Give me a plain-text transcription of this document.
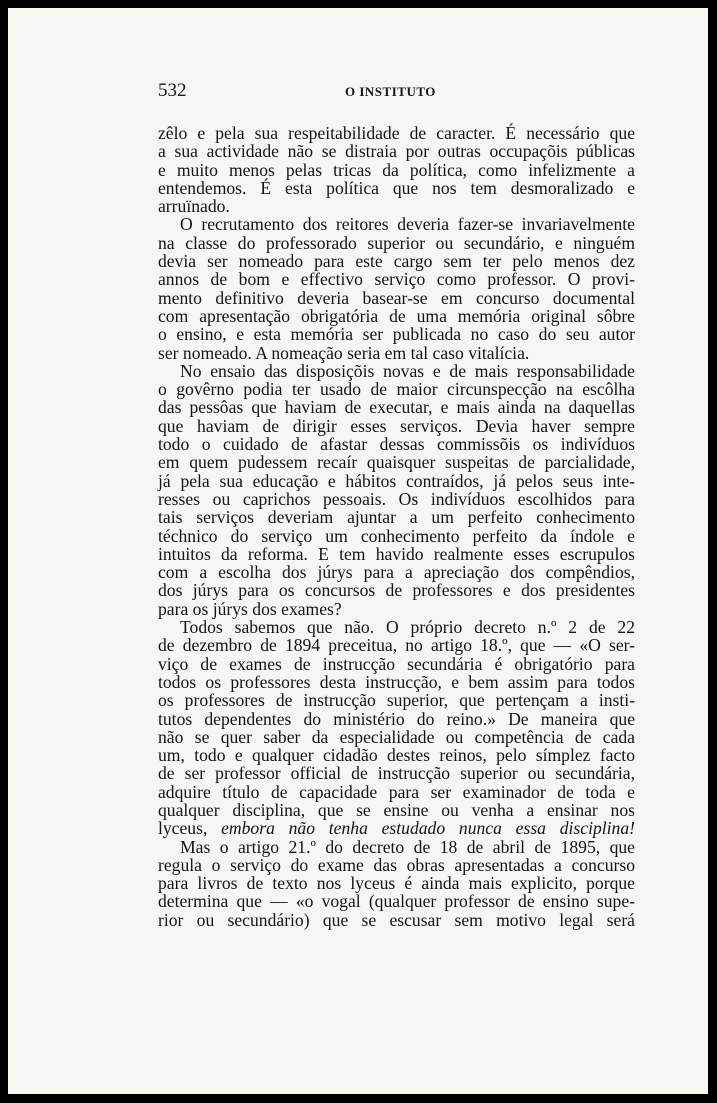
532	O INSTITUTO

zêlo e pela sua respeitabilidade de caracter. É necessário que
a sua actividade não se distraia por outras occupaçõis públicas
e muito menos pelas tricas da política, como infelizmente a
entendemos. É esta política que nos tem desmoralizado e
arruïnado.

O recrutamento dos reitores deveria fazer-se invariavelmente
na classe do professorado superior ou secundário, e ninguém
devia ser nomeado para este cargo sem ter pelo menos dez
annos de bom e effectivo serviço como professor. O provi-
mento definitivo deveria basear-se em concurso documental
com apresentação obrigatória de uma memória original sôbre
o ensino, e esta memória ser publicada no caso do seu autor
ser nomeado. A nomeação seria em tal caso vitalícia.

No ensaio das disposiçõis novas e de mais responsabilidade
o govêrno podia ter usado de maior circunspecção na escôlha
das pessôas que haviam de executar, e mais ainda na daquellas
que haviam de dirigir esses serviços. Devia haver sempre
todo o cuidado de afastar dessas commissõis os indivíduos
em quem pudessem recaír quaisquer suspeitas de parcialidade,
já pela sua educação e hábitos contraídos, já pelos seus inte-
resses ou caprichos pessoais. Os indivíduos escolhidos para
tais serviços deveriam ajuntar a um perfeito conhecimento
téchnico do serviço um conhecimento perfeito da índole e
intuitos da reforma. E tem havido realmente esses escrupulos
com a escolha dos júrys para a apreciação dos compêndios,
dos júrys para os concursos de professores e dos presidentes
para os júrys dos exames?

Todos sabemos que não. O próprio decreto n.º 2 de 22
de dezembro de 1894 preceitua, no artigo 18.º, que — «O ser-
viço de exames de instrucção secundária é obrigatório para
todos os professores desta instrucção, e bem assim para todos
os professores de instrucção superior, que pertençam a insti-
tutos dependentes do ministério do reino.» De maneira que
não se quer saber da especialidade ou competência de cada
um, todo e qualquer cidadão destes reinos, pelo símplez facto
de ser professor official de instrucção superior ou secundária,
adquire título de capacidade para ser examinador de toda e
qualquer disciplina, que se ensine ou venha a ensinar nos
lyceus, embora não tenha estudado nunca essa disciplina!

Mas o artigo 21.º do decreto de 18 de abril de 1895, que
regula o serviço do exame das obras apresentadas a concurso
para livros de texto nos lyceus é ainda mais explicito, porque
determina que — «o vogal (qualquer professor de ensino supe-
rior ou secundário) que se escusar sem motivo legal será
